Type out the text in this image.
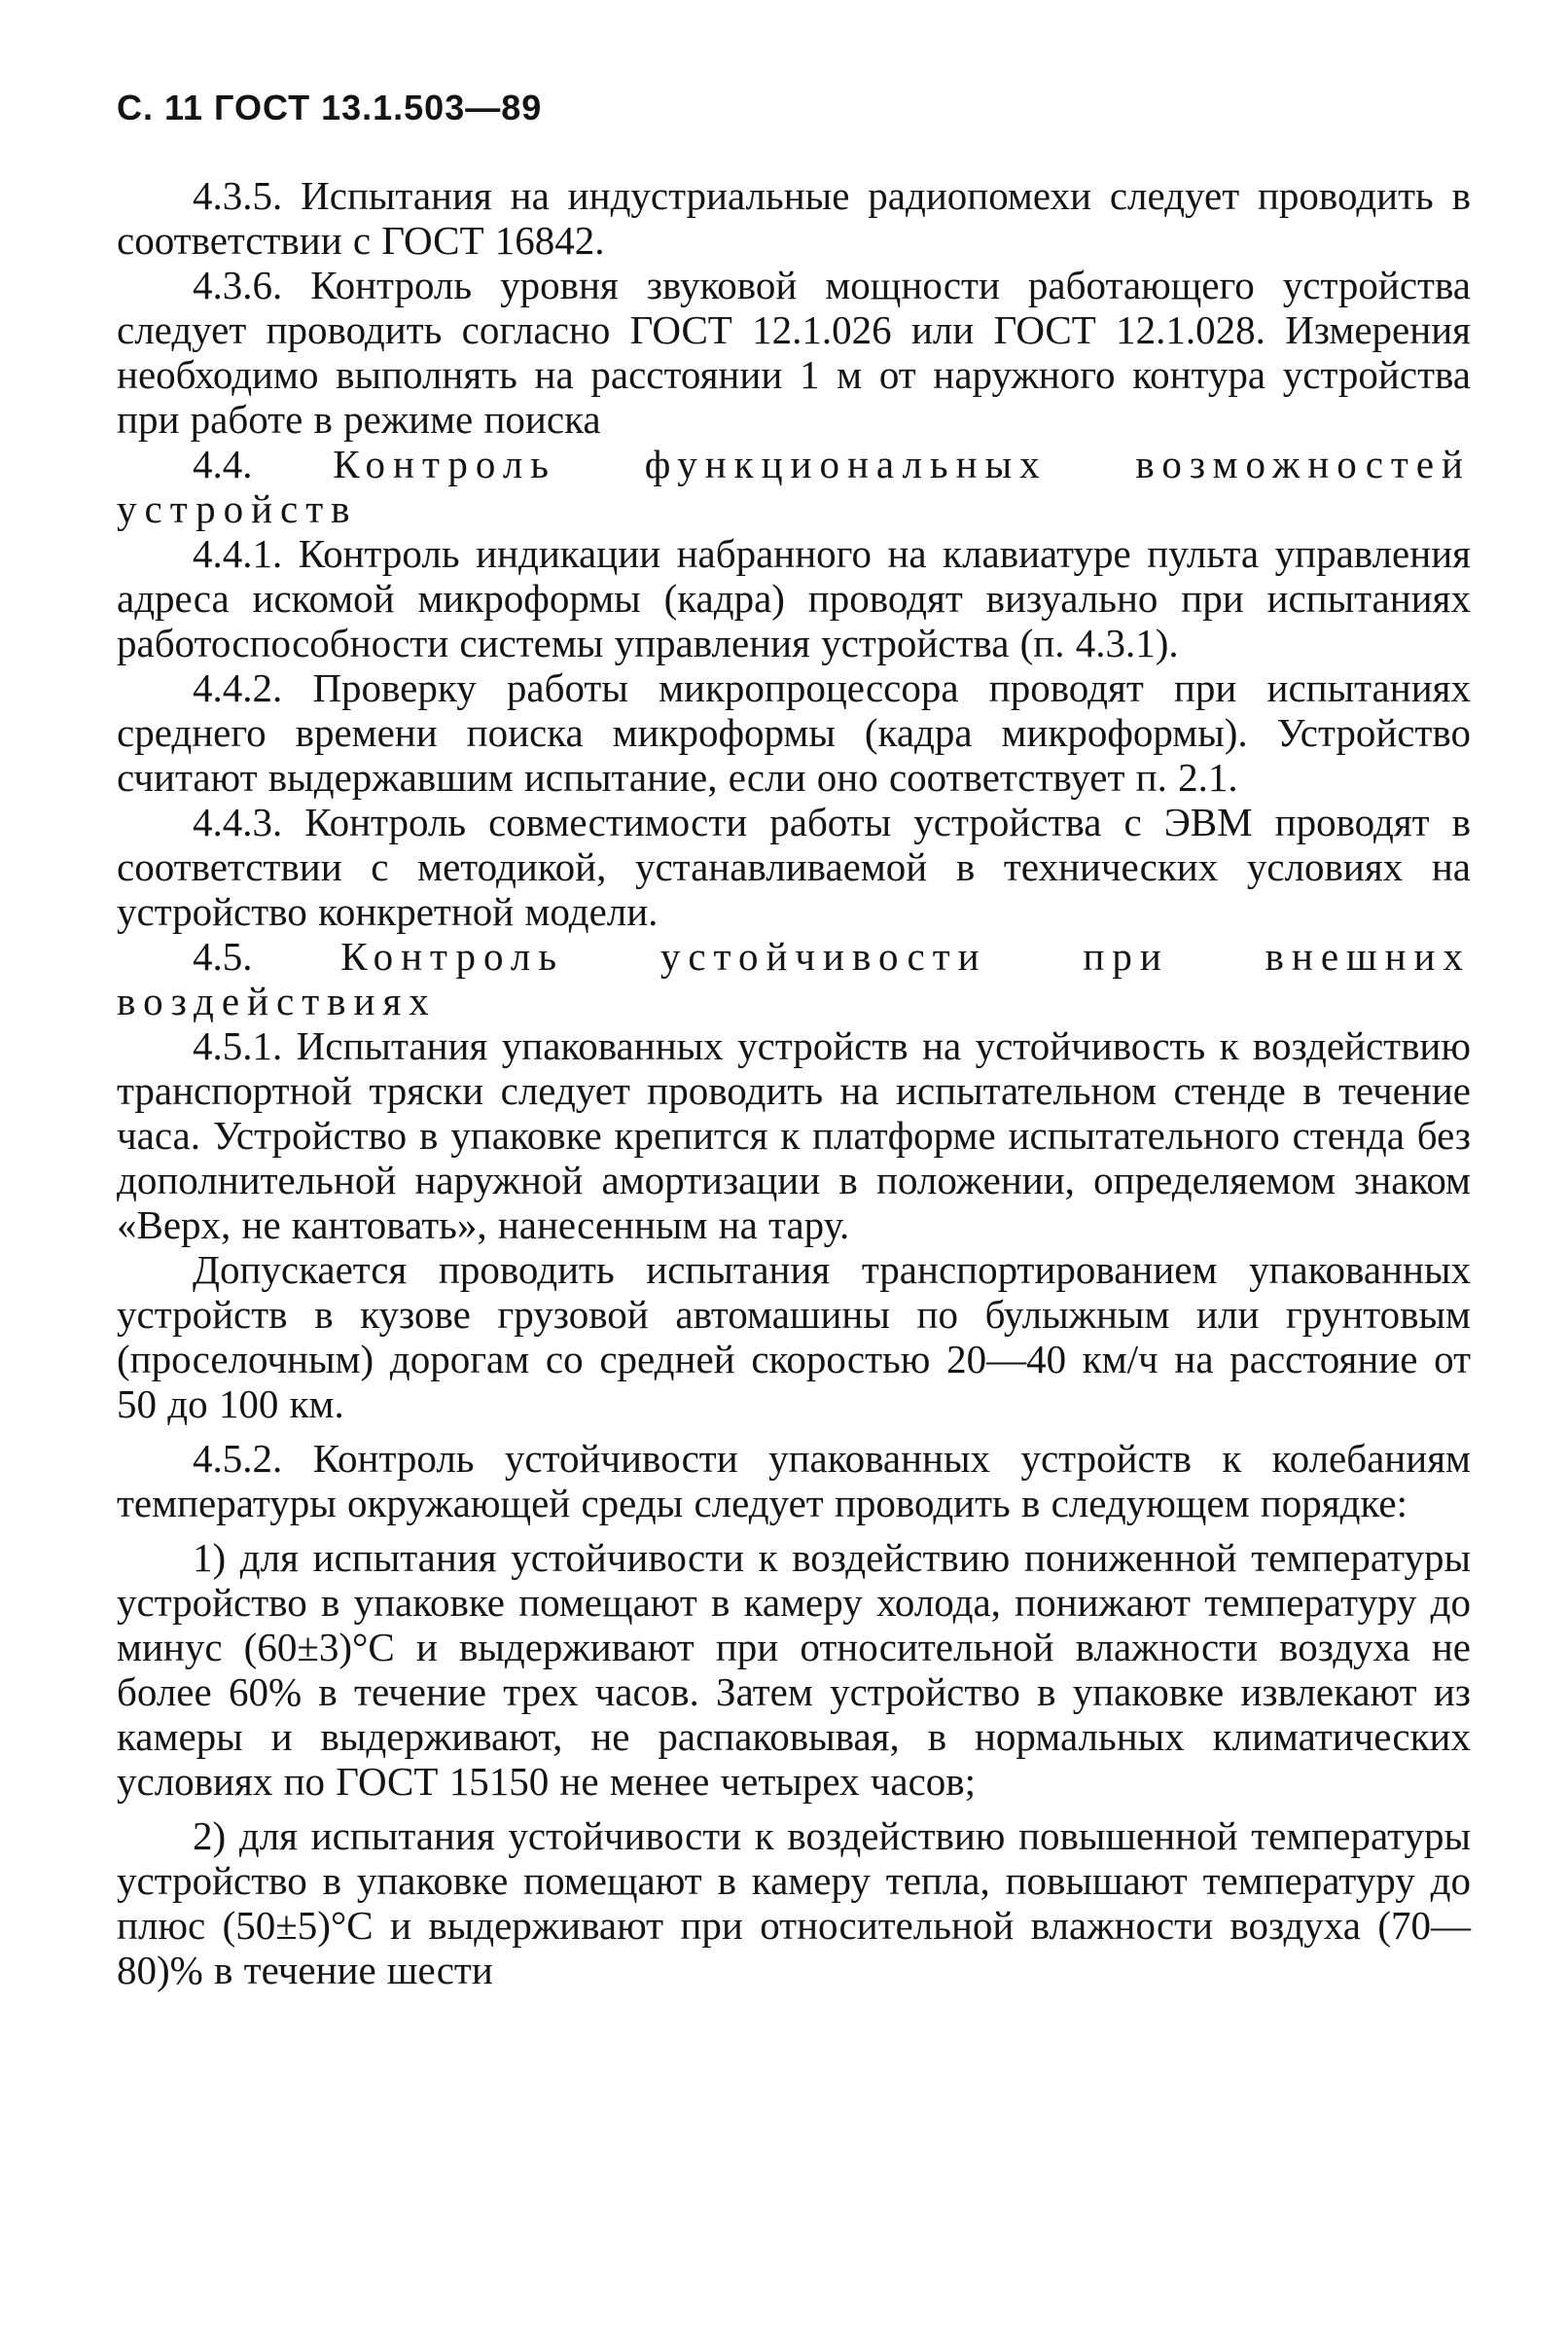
С. 11 ГОСТ 13.1.503—89

4.3.5. Испытания на индустриальные радиопомехи следует проводить в соответствии с ГОСТ 16842.

4.3.6. Контроль уровня звуковой мощности работающего устройства следует проводить согласно ГОСТ 12.1.026 или ГОСТ 12.1.028. Измерения необходимо выполнять на расстоянии 1 м от наружного контура устройства при работе в режиме поиска

4.4. Контроль функциональных возможностей устройств

4.4.1. Контроль индикации набранного на клавиатуре пульта управления адреса искомой микроформы (кадра) проводят визуально при испытаниях работоспособности системы управления устройства (п. 4.3.1).

4.4.2. Проверку работы микропроцессора проводят при испытаниях среднего времени поиска микроформы (кадра микроформы). Устройство считают выдержавшим испытание, если оно соответствует п. 2.1.

4.4.3. Контроль совместимости работы устройства с ЭВМ проводят в соответствии с методикой, устанавливаемой в технических условиях на устройство конкретной модели.

4.5. Контроль устойчивости при внешних воздействиях

4.5.1. Испытания упакованных устройств на устойчивость к воздействию транспортной тряски следует проводить на испытательном стенде в течение часа. Устройство в упаковке крепится к платформе испытательного стенда без дополнительной наружной амортизации в положении, определяемом знаком «Верх, не кантовать», нанесенным на тару.

Допускается проводить испытания транспортированием упакованных устройств в кузове грузовой автомашины по булыжным или грунтовым (проселочным) дорогам со средней скоростью 20—40 км/ч на расстояние от 50 до 100 км.

4.5.2. Контроль устойчивости упакованных устройств к колебаниям температуры окружающей среды следует проводить в следующем порядке:

1) для испытания устойчивости к воздействию пониженной температуры устройство в упаковке помещают в камеру холода, понижают температуру до минус (60±3)°С и выдерживают при относительной влажности воздуха не более 60% в течение трех часов. Затем устройство в упаковке извлекают из камеры и выдерживают, не распаковывая, в нормальных климатических условиях по ГОСТ 15150 не менее четырех часов;

2) для испытания устойчивости к воздействию повышенной температуры устройство в упаковке помещают в камеру тепла, повышают температуру до плюс (50±5)°С и выдерживают при относительной влажности воздуха (70—80)% в течение шести
